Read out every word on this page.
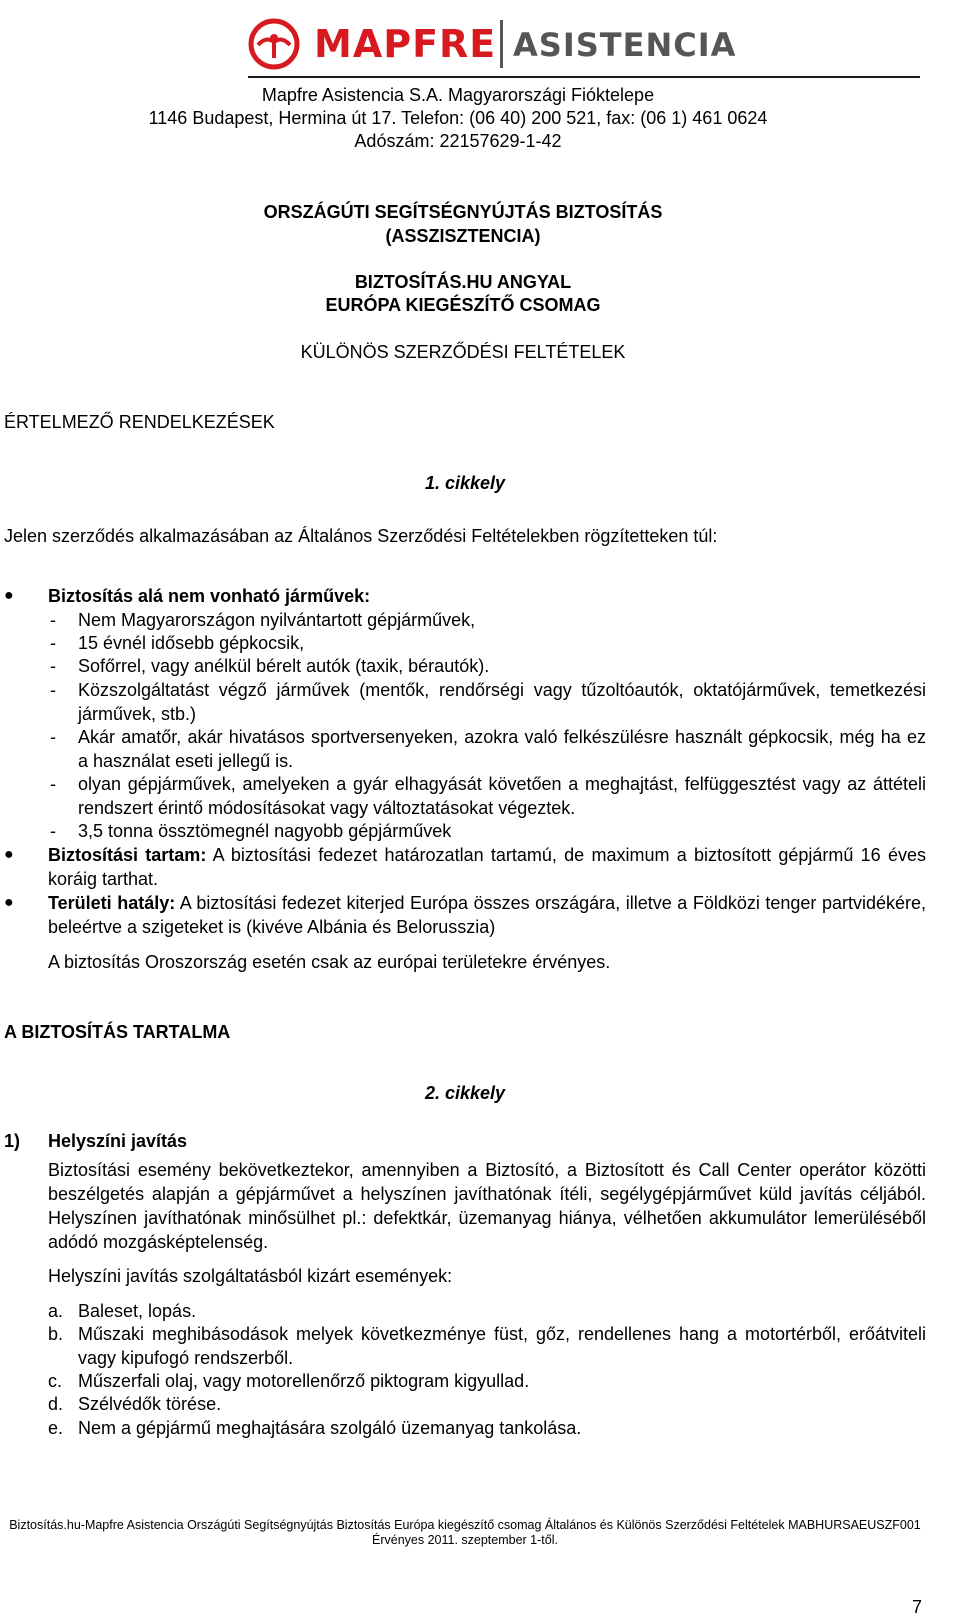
MAPFRE ASISTENCIA
Mapfre Asistencia S.A. Magyarországi Fióktelepe
1146 Budapest, Hermina út 17. Telefon: (06 40) 200 521, fax: (06 1) 461 0624
Adószám: 22157629-1-42
ORSZÁGÚTI SEGÍTSÉGNYÚJTÁS BIZTOSÍTÁS
(ASSZISZTENCIA)
BIZTOSÍTÁS.HU ANGYAL
EURÓPA KIEGÉSZÍTŐ CSOMAG
KÜLÖNÖS SZERZŐDÉSI FELTÉTELEK
ÉRTELMEZŐ RENDELKEZÉSEK
1. cikkely
Jelen szerződés alkalmazásában az Általános Szerződési Feltételekben rögzítetteken túl:
● Biztosítás alá nem vonható járművek:
- Nem Magyarországon nyilvántartott gépjárművek,
- 15 évnél idősebb gépkocsik,
- Sofőrrel, vagy anélkül bérelt autók (taxik, bérautók).
- Közszolgáltatást végző járművek (mentők, rendőrségi vagy tűzoltóautók, oktatójárművek, temetkezési járművek, stb.)
- Akár amatőr, akár hivatásos sportversenyeken, azokra való felkészülésre használt gépkocsik, még ha ez a használat eseti jellegű is.
- olyan gépjárművek, amelyeken a gyár elhagyását követően a meghajtást, felfüggesztést vagy az áttételi rendszert érintő módosításokat vagy változtatásokat végeztek.
- 3,5 tonna össztömegnél nagyobb gépjárművek
● Biztosítási tartam: A biztosítási fedezet határozatlan tartamú, de maximum a biztosított gépjármű 16 éves koráig tarthat.
● Területi hatály: A biztosítási fedezet kiterjed Európa összes országára, illetve a Földközi tenger partvidékére, beleértve a szigeteket is (kivéve Albánia és Belorusszia)
A biztosítás Oroszország esetén csak az európai területekre érvényes.
A BIZTOSÍTÁS TARTALMA
2. cikkely
1) Helyszíni javítás
Biztosítási esemény bekövetkeztekor, amennyiben a Biztosító, a Biztosított és Call Center operátor közötti beszélgetés alapján a gépjárművet a helyszínen javíthatónak ítéli, segélygépjárművet küld javítás céljából. Helyszínen javíthatónak minősülhet pl.: defektkár, üzemanyag hiánya, vélhetően akkumulátor lemerüléséből adódó mozgásképtelenség.
Helyszíni javítás szolgáltatásból kizárt események:
a. Baleset, lopás.
b. Műszaki meghibásodások melyek következménye füst, gőz, rendellenes hang a motortérből, erőátviteli vagy kipufogó rendszerből.
c. Műszerfali olaj, vagy motorellenőrző piktogram kigyullad.
d. Szélvédők törése.
e. Nem a gépjármű meghajtására szolgáló üzemanyag tankolása.
Biztosítás.hu-Mapfre Asistencia Országúti Segítségnyújtás Biztosítás Európa kiegészítő csomag Általános és Különös Szerződési Feltételek MABHURSAEUSZF001
Érvényes 2011. szeptember 1-től.
7
